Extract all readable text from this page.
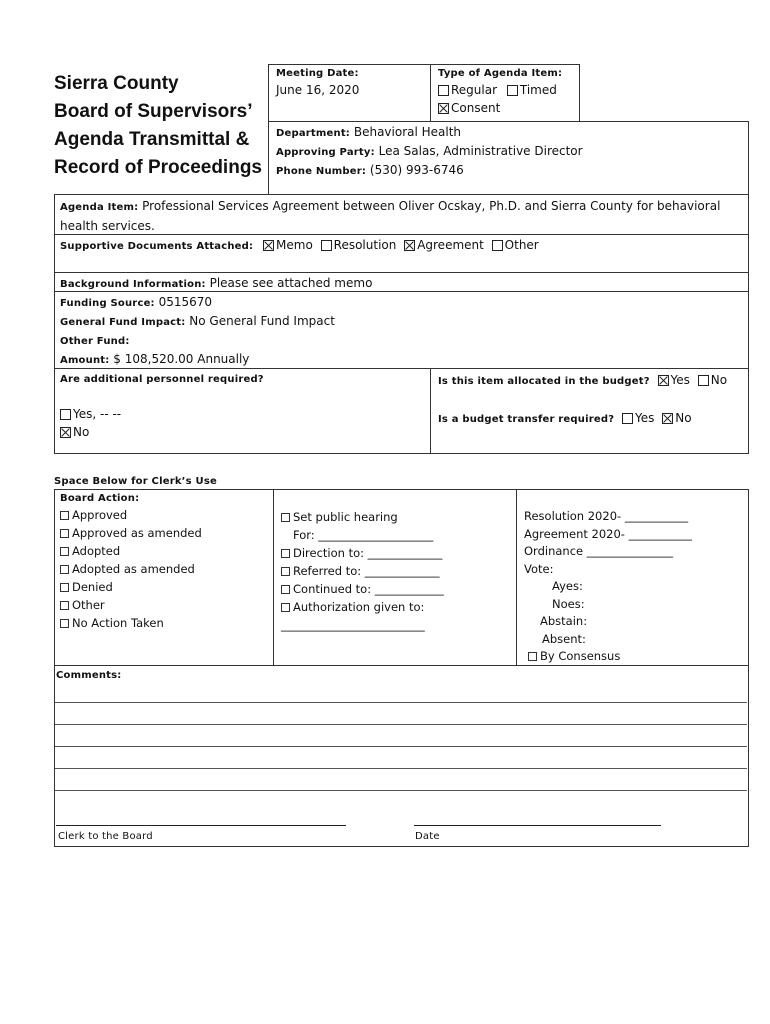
Sierra County
Board of Supervisors’
Agenda Transmittal &
Record of Proceedings
Meeting Date:
June 16, 2020
Type of Agenda Item:
Regular Timed
Consent
Department: Behavioral Health
Approving Party: Lea Salas, Administrative Director
Phone Number: (530) 993-6746
Agenda Item: Professional Services Agreement between Oliver Ocskay, Ph.D. and Sierra County for behavioral
health services.
Supportive Documents Attached: Memo Resolution Agreement Other
Background Information: Please see attached memo
Funding Source: 0515670
General Fund Impact: No General Fund Impact
Other Fund:
Amount: $ 108,520.00 Annually
Are additional personnel required?
Yes, -- --
No
Is this item allocated in the budget? Yes No
Is a budget transfer required? Yes No
Space Below for Clerk’s Use
Board Action:
Approved
Approved as amended
Adopted
Adopted as amended
Denied
Other
No Action Taken
Set public hearing
For: ____________________
Direction to: _____________
Referred to: _____________
Continued to: ____________
Authorization given to:
_________________________
Resolution 2020- ___________
Agreement 2020- ___________
Ordinance _______________
Vote:
Ayes:
Noes:
Abstain:
Absent:
By Consensus
Comments:
Clerk to the Board	Date
